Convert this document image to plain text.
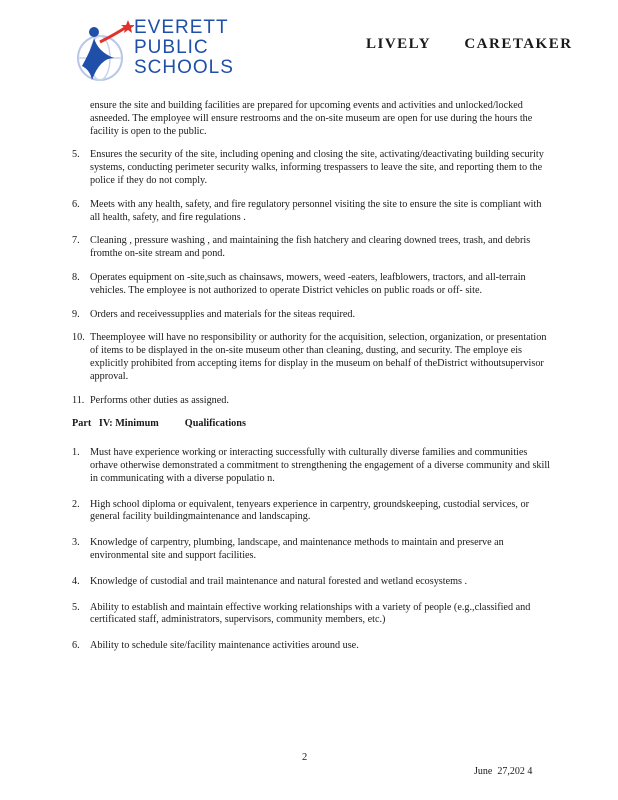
EVERETT
PUBLIC
SCHOOLS
LIVELY   CARETAKER
ensure the site and building facilities are prepared for upcoming events and activities and unlocked/locked asneeded. The employee will ensure restrooms and the on-site museum are open for use during the hours the facility is open to the public.
5. Ensures the security of the site, including opening and closing the site, activating/deactivating building security systems, conducting perimeter security walks, informing trespassers to leave the site, and reporting them to the police if they do not comply.
6. Meets with any health, safety, and fire regulatory personnel visiting the site to ensure the site is compliant with all health, safety, and fire regulations .
7. Cleaning , pressure washing , and maintaining the fish hatchery and clearing downed trees, trash, and debris fromthe on-site stream and pond.
8. Operates equipment on -site,such as chainsaws, mowers, weed -eaters, leafblowers, tractors, and all-terrain vehicles. The employee is not authorized to operate District vehicles on public roads or off- site.
9. Orders and receivessupplies and materials for the siteas required.
10. Theemployee will have no responsibility or authority for the acquisition, selection, organization, or presentation of items to be displayed in the on-site museum other than cleaning, dusting, and security. The employe eis explicitly prohibited from accepting items for display in the museum on behalf of theDistrict withoutsupervisor approval.
11. Performs other duties as assigned.
Part   IV: Minimum	Qualifications
1. Must have experience working or interacting successfully with culturally diverse families and communities orhave otherwise demonstrated a commitment to strengthening the engagement of a diverse community and skill in communicating with a diverse populatio n.
2. High school diploma or equivalent, tenyears experience in carpentry, groundskeeping, custodial services, or general facility buildingmaintenance and landscaping.
3. Knowledge of carpentry, plumbing, landscape, and maintenance methods to maintain and preserve an environmental site and support facilities.
4. Knowledge of custodial and trail maintenance and natural forested and wetland ecosystems .
5. Ability to establish and maintain effective working relationships with a variety of people (e.g.,classified and certificated staff, administrators, supervisors, community members, etc.)
6. Ability to schedule site/facility maintenance activities around use.
2
June  27,202 4
